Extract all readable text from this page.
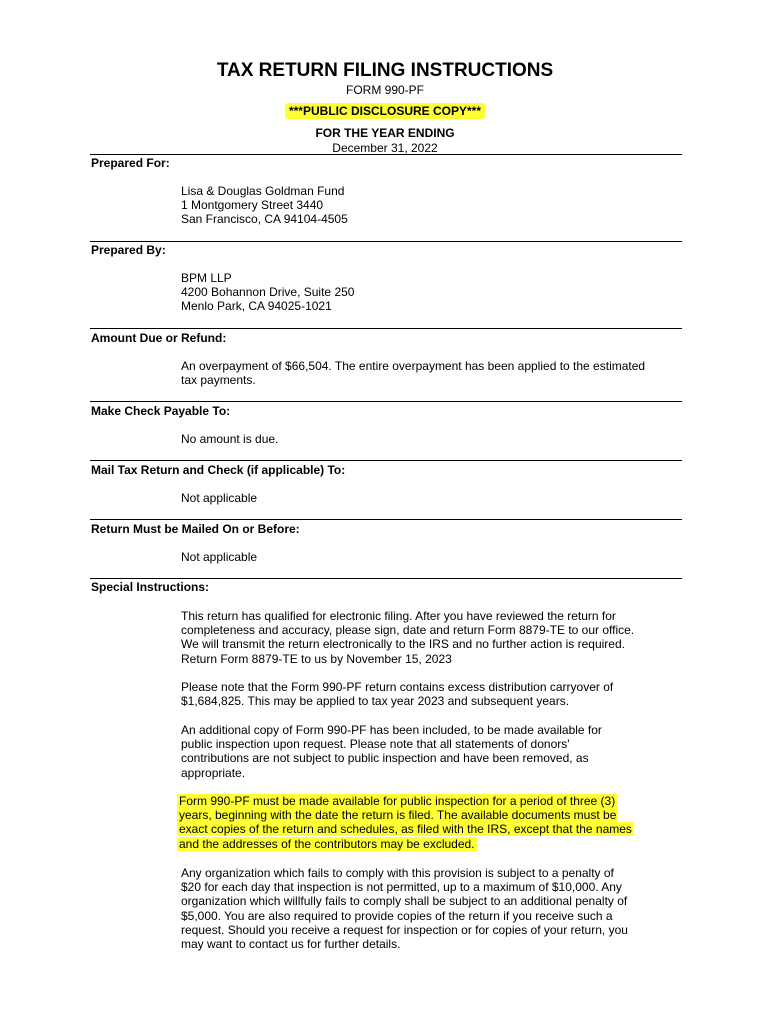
TAX RETURN FILING INSTRUCTIONS
FORM 990-PF
***PUBLIC DISCLOSURE COPY***
FOR THE YEAR ENDING
December 31, 2022
Prepared For:
Lisa & Douglas Goldman Fund
1 Montgomery Street 3440
San Francisco, CA 94104-4505
Prepared By:
BPM LLP
4200 Bohannon Drive, Suite 250
Menlo Park, CA 94025-1021
Amount Due or Refund:
An overpayment of $66,504. The entire overpayment has been applied to the estimated
tax payments.
Make Check Payable To:
No amount is due.
Mail Tax Return and Check (if applicable) To:
Not applicable
Return Must be Mailed On or Before:
Not applicable
Special Instructions:
This return has qualified for electronic filing. After you have reviewed the return for
completeness and accuracy, please sign, date and return Form 8879-TE to our office.
We will transmit the return electronically to the IRS and no further action is required.
Return Form 8879-TE to us by November 15, 2023
Please note that the Form 990-PF return contains excess distribution carryover of
$1,684,825. This may be applied to tax year 2023 and subsequent years.
An additional copy of Form 990-PF has been included, to be made available for
public inspection upon request. Please note that all statements of donors'
contributions are not subject to public inspection and have been removed, as
appropriate.
Form 990-PF must be made available for public inspection for a period of three (3)
years, beginning with the date the return is filed. The available documents must be
exact copies of the return and schedules, as filed with the IRS, except that the names
and the addresses of the contributors may be excluded.
Any organization which fails to comply with this provision is subject to a penalty of
$20 for each day that inspection is not permitted, up to a maximum of $10,000. Any
organization which willfully fails to comply shall be subject to an additional penalty of
$5,000. You are also required to provide copies of the return if you receive such a
request. Should you receive a request for inspection or for copies of your return, you
may want to contact us for further details.
